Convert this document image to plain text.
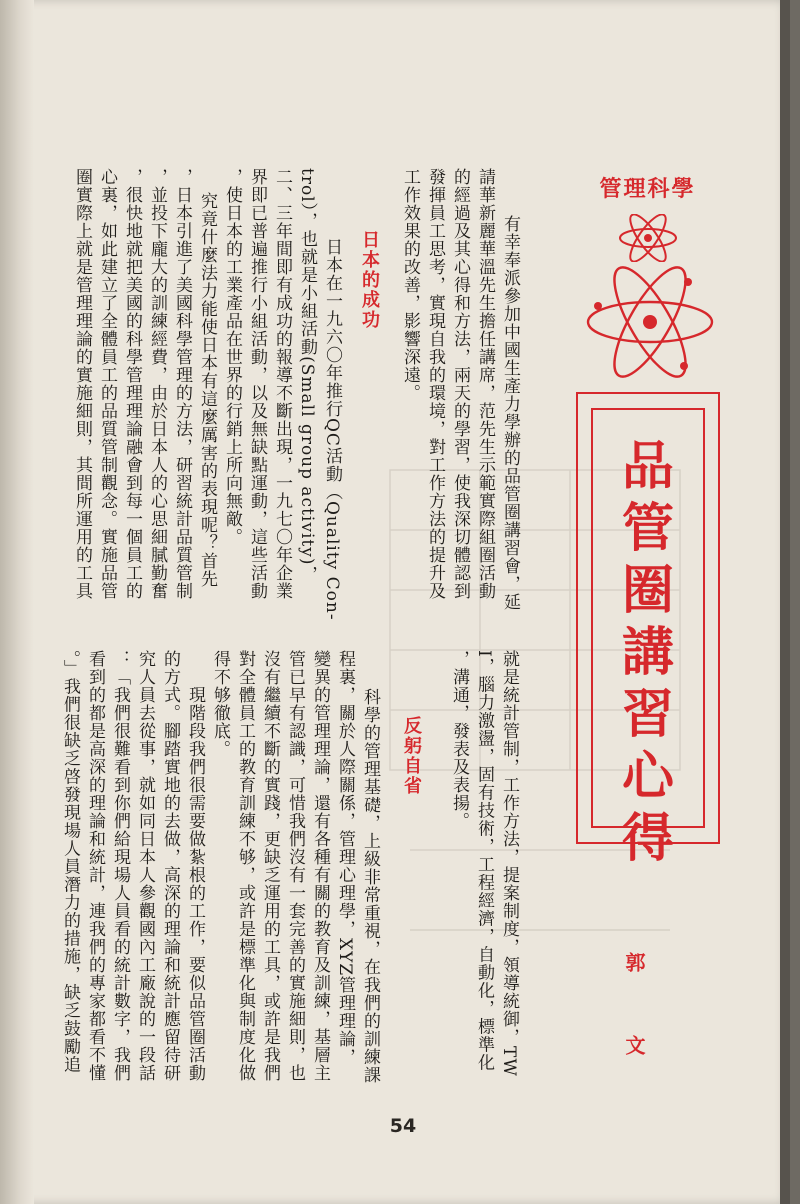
管理科學
品
管
圈
講
習
心
得
郭 文
有幸奉派參加中國生產力學辦的品管圈講習會，延
請華新麗華溫先生擔任講席，范先生示範實際組圈活動
的經過及其心得和方法，兩天的學習，使我深切體認到
發揮員工思考，實現自我的環境，對工作方法的提升及
工作效果的改善，影響深遠。
日本的成功
日本在一九六〇年推行QC活動（Quality Con-
trol），也就是小組活動(Small group activity)，
二、三年間即有成功的報導不斷出現，一九七〇年企業
界即已普遍推行小組活動，以及無缺點運動，這些活動
，使日本的工業產品在世界的行銷上所向無敵。
究竟什麼法力能使日本有這麼厲害的表現呢？首先
，日本引進了美國科學管理的方法，研習統計品質管制
，並投下龐大的訓練經費，由於日本人的心思細膩勤奮
，很快地就把美國的科學管理理論融會到每一個員工的
心裏，如此建立了全體員工的品質管制觀念。實施品管
圈實際上就是管理理論的實施細則，其間所運用的工具
就是統計管制，工作方法，提案制度，領導統御，TW
I，腦力激盪，固有技術，工程經濟，自動化，標準化
，溝通，發表及表揚。
反躬自省
科學的管理基礎，上級非常重視，在我們的訓練課
程裏，關於人際關係，管理心理學，XYZ管理理論，
變異的管理理論，還有各種有關的教育及訓練，基層主
管已早有認識，可惜我們沒有一套完善的實施細則，也
沒有繼續不斷的實踐，更缺乏運用的工具，或許是我們
對全體員工的教育訓練不够，或許是標準化與制度化做
得不够徹底。
現階段我們很需要做紮根的工作，要似品管圈活動
的方式。腳踏實地的去做，高深的理論和統計應留待研
究人員去從事，就如同日本人參觀國內工廠說的一段話
：「我們很難看到你們給現場人員看的統計數字，我們
看到的都是高深的理論和統計，連我們的專家都看不懂
。」我們很缺乏啓發現場人員潛力的措施，缺乏鼓勵追
54
